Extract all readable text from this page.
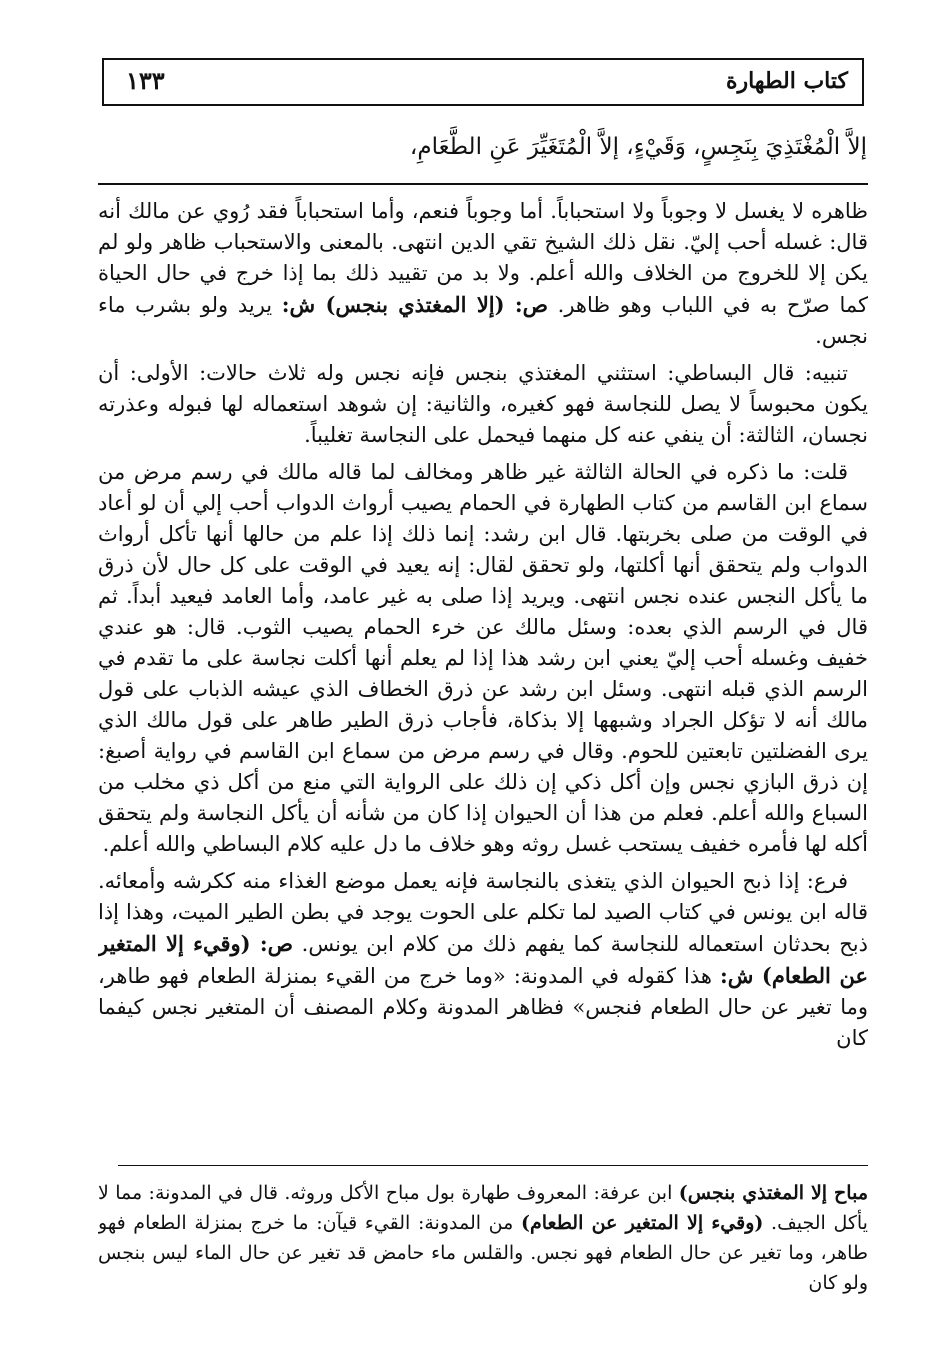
كتاب الطهارة
١٣٣
إلاَّ الْمُغْتَذِيَ بِنَجِسٍ، وَقَيْءٍ، إلاَّ الْمُتَغَيِّرَ عَنِ الطَّعَامِ،

ظاهره لا يغسل لا وجوباً ولا استحباباً. أما وجوباً فنعم، وأما استحباباً فقد رُوي عن مالك أنه قال: غسله أحب إليّ. نقل ذلك الشيخ تقي الدين انتهى. بالمعنى والاستحباب ظاهر ولو لم يكن إلا للخروج من الخلاف والله أعلم. ولا بد من تقييد ذلك بما إذا خرج في حال الحياة كما صرّح به في اللباب وهو ظاهر. ص: (إلا المغتذي بنجس) ش: يريد ولو بشرب ماء نجس.

تنبيه: قال البساطي: استثني المغتذي بنجس فإنه نجس وله ثلاث حالات: الأولى: أن يكون محبوساً لا يصل للنجاسة فهو كغيره، والثانية: إن شوهد استعماله لها فبوله وعذرته نجسان، الثالثة: أن ينفي عنه كل منهما فيحمل على النجاسة تغليباً.

قلت: ما ذكره في الحالة الثالثة غير ظاهر ومخالف لما قاله مالك في رسم مرض من سماع ابن القاسم من كتاب الطهارة في الحمام يصيب أرواث الدواب أحب إلي أن لو أعاد في الوقت من صلى بخربتها. قال ابن رشد: إنما ذلك إذا علم من حالها أنها تأكل أرواث الدواب ولم يتحقق أنها أكلتها، ولو تحقق لقال: إنه يعيد في الوقت على كل حال لأن ذرق ما يأكل النجس عنده نجس انتهى. ويريد إذا صلى به غير عامد، وأما العامد فيعيد أبداً. ثم قال في الرسم الذي بعده: وسئل مالك عن خرء الحمام يصيب الثوب. قال: هو عندي خفيف وغسله أحب إليّ يعني ابن رشد هذا إذا لم يعلم أنها أكلت نجاسة على ما تقدم في الرسم الذي قبله انتهى. وسئل ابن رشد عن ذرق الخطاف الذي عيشه الذباب على قول مالك أنه لا تؤكل الجراد وشبهها إلا بذكاة، فأجاب ذرق الطير طاهر على قول مالك الذي يرى الفضلتين تابعتين للحوم. وقال في رسم مرض من سماع ابن القاسم في رواية أصبغ: إن ذرق البازي نجس وإن أكل ذكي إن ذلك على الرواية التي منع من أكل ذي مخلب من السباع والله أعلم. فعلم من هذا أن الحيوان إذا كان من شأنه أن يأكل النجاسة ولم يتحقق أكله لها فأمره خفيف يستحب غسل روثه وهو خلاف ما دل عليه كلام البساطي والله أعلم.

فرع: إذا ذبح الحيوان الذي يتغذى بالنجاسة فإنه يعمل موضع الغذاء منه ككرشه وأمعائه. قاله ابن يونس في كتاب الصيد لما تكلم على الحوت يوجد في بطن الطير الميت، وهذا إذا ذبح بحدثان استعماله للنجاسة كما يفهم ذلك من كلام ابن يونس. ص: (وقيء إلا المتغير عن الطعام) ش: هذا كقوله في المدونة: «وما خرج من القيء بمنزلة الطعام فهو طاهر، وما تغير عن حال الطعام فنجس» فظاهر المدونة وكلام المصنف أن المتغير نجس كيفما كان

مباح إلا المغتذي بنجس) ابن عرفة: المعروف طهارة بول مباح الأكل وروثه. قال في المدونة: مما لا يأكل الجيف. (وقيء إلا المتغير عن الطعام) من المدونة: القيء قيآن: ما خرج بمنزلة الطعام فهو طاهر، وما تغير عن حال الطعام فهو نجس. والقلس ماء حامض قد تغير عن حال الماء ليس بنجس ولو كان
